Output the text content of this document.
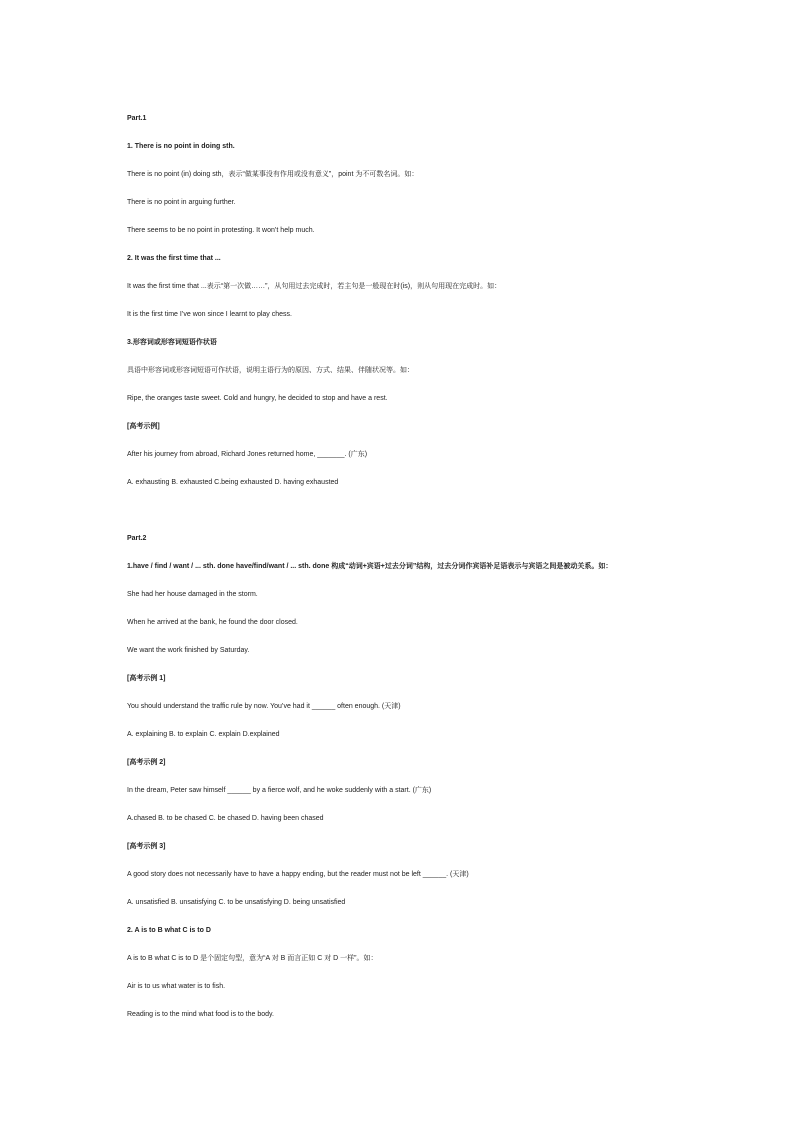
Part.1
1. There is no point in doing sth.
There is no point (in) doing sth，表示“做某事没有作用或没有意义”，point 为不可数名词。如：
There is no point in arguing further.
There seems to be no point in protesting. It won’t help much.
2. It was the first time that ...
It was the first time that ...表示“第一次做……”，从句用过去完成时，若主句是一般现在时(is)，则从句用现在完成时。如：
It is the first time I’ve won since I learnt to play chess.
3.形容词或形容词短语作状语
具语中形容词或形容词短语可作状语，说明主语行为的原因、方式、结果、伴随状况等。如：
Ripe, the oranges taste sweet. Cold and hungry, he decided to stop and have a rest.
[高考示例]
After his journey from abroad, Richard Jones returned home, _______. (广东)
A. exhausting B. exhausted C.being exhausted D. having exhausted
Part.2
1.have / find / want / ... sth. done have/find/want / ... sth. done 构成“动词+宾语+过去分词”结构，过去分词作宾语补足语表示与宾语之间是被动关系。如：
She had her house damaged in the storm.
When he arrived at the bank, he found the door closed.
We want the work finished by Saturday.
[高考示例 1]
You should understand the traffic rule by now. You’ve had it ______ often enough. (天津)
A. explaining B. to explain C. explain D.explained
[高考示例 2]
In the dream, Peter saw himself ______ by a fierce wolf, and he woke suddenly with a start. (广东)
A.chased B. to be chased C. be chased D. having been chased
[高考示例 3]
A good story does not necessarily have to have a happy ending, but the reader must not be left ______. (天津)
A. unsatisfied B. unsatisfying C. to be unsatisfying D. being unsatisfied
2. A is to B what C is to D
A is to B what C is to D 是个固定句型，意为“A 对 B 而言正如 C 对 D 一样”。如：
Air is to us what water is to fish.
Reading is to the mind what food is to the body.
